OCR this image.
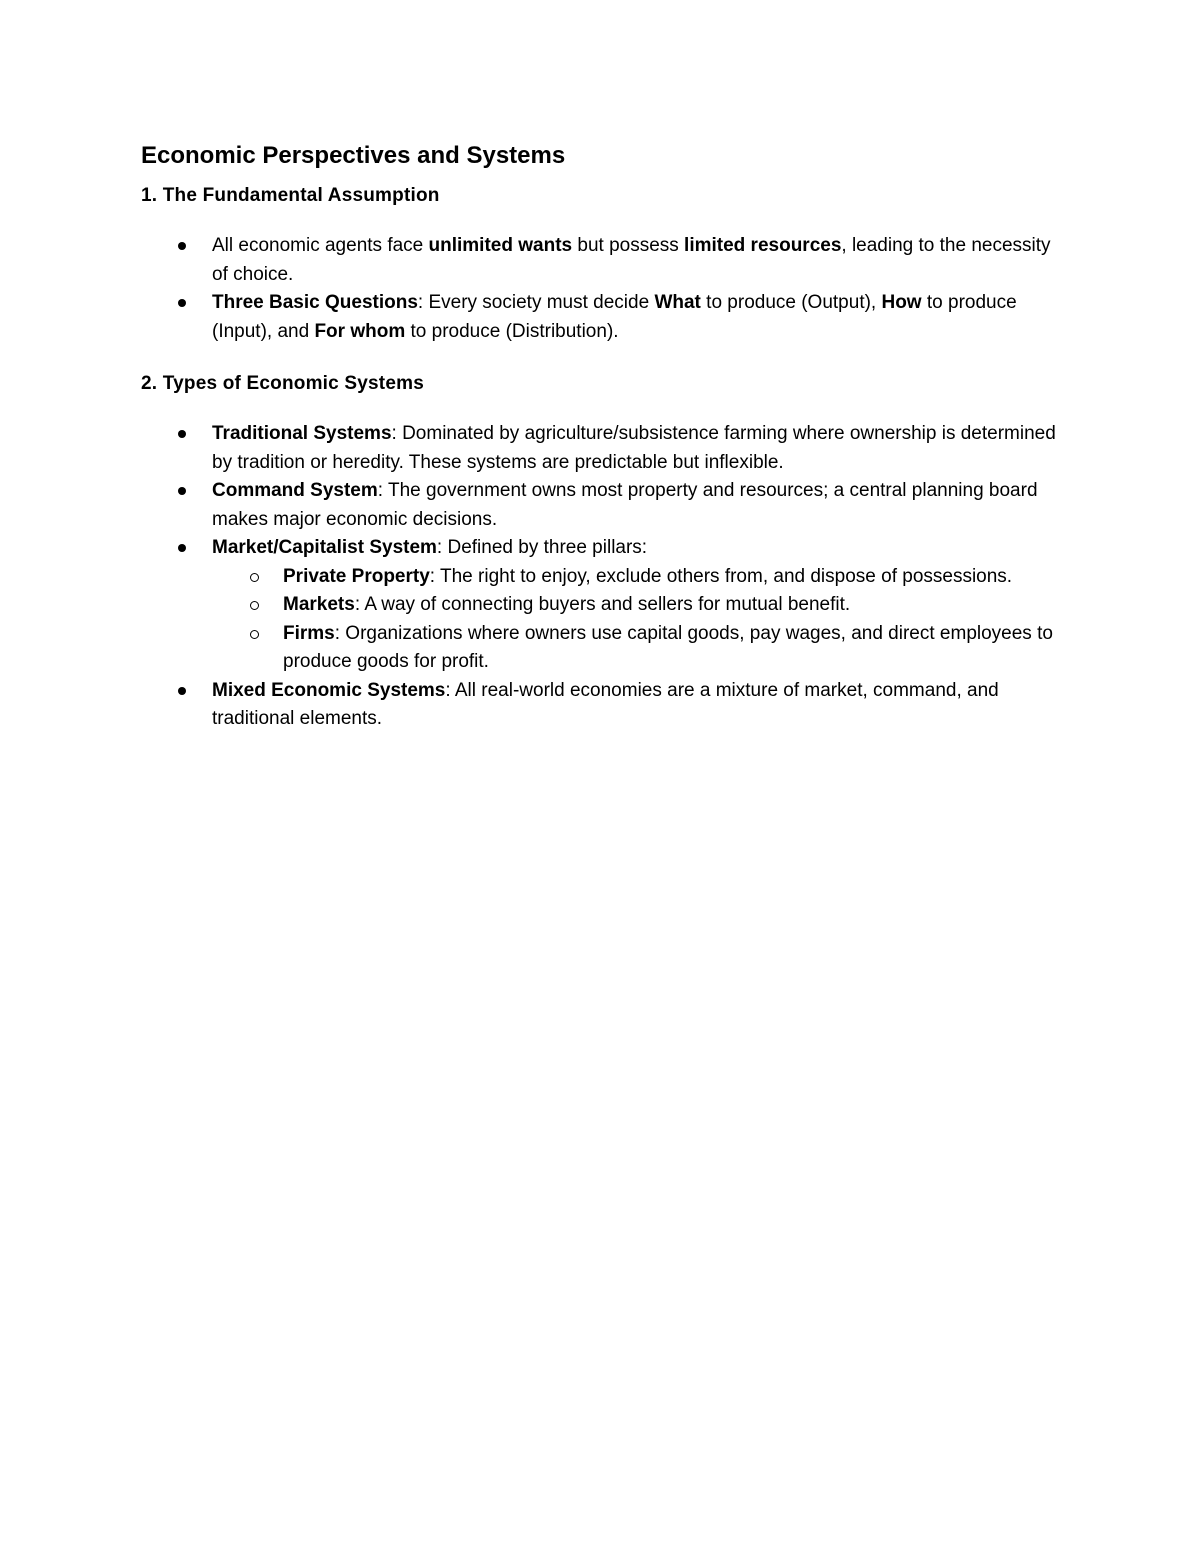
Economic Perspectives and Systems
1. The Fundamental Assumption
All economic agents face unlimited wants but possess limited resources, leading to the necessity of choice.
Three Basic Questions: Every society must decide What to produce (Output), How to produce (Input), and For whom to produce (Distribution).
2. Types of Economic Systems
Traditional Systems: Dominated by agriculture/subsistence farming where ownership is determined by tradition or heredity. These systems are predictable but inflexible.
Command System: The government owns most property and resources; a central planning board makes major economic decisions.
Market/Capitalist System: Defined by three pillars:
Private Property: The right to enjoy, exclude others from, and dispose of possessions.
Markets: A way of connecting buyers and sellers for mutual benefit.
Firms: Organizations where owners use capital goods, pay wages, and direct employees to produce goods for profit.
Mixed Economic Systems: All real-world economies are a mixture of market, command, and traditional elements.
